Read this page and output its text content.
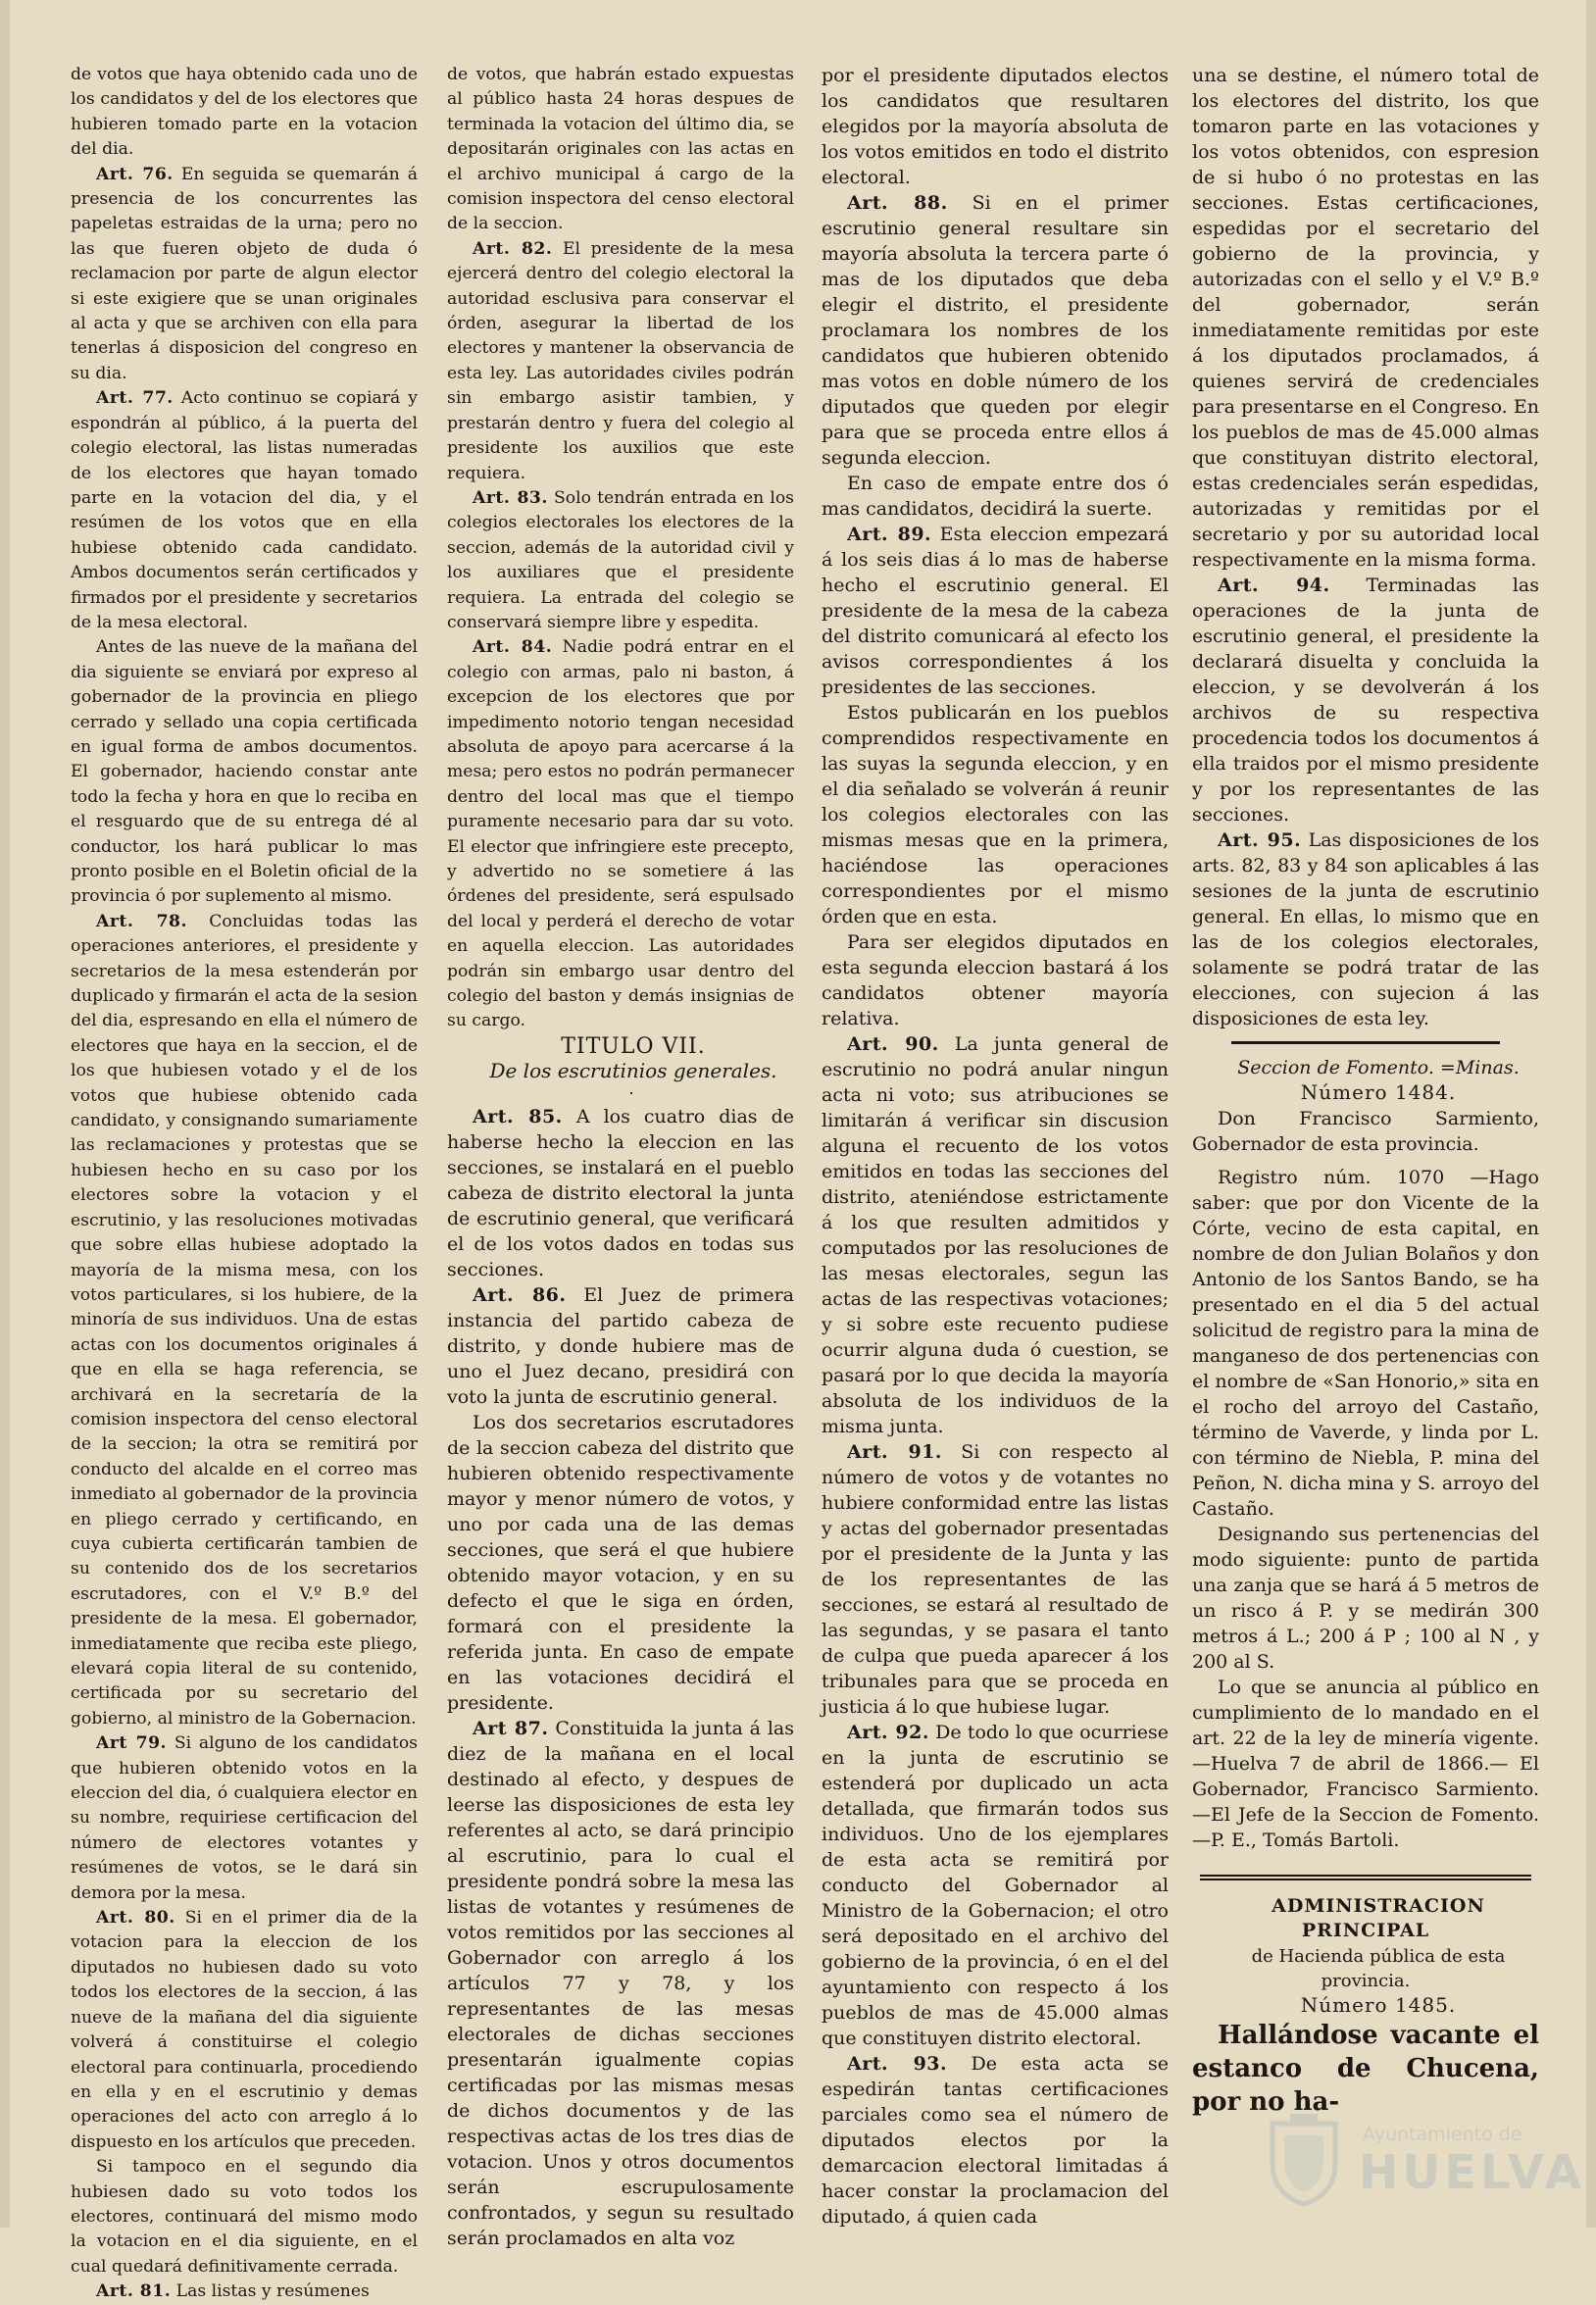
de votos que haya obtenido cada uno de los candidatos y del de los electores que hubieren tomado parte en la votacion del dia.

Art. 76. En seguida se quemarán á presencia de los concurrentes las papeletas estraidas de la urna; pero no las que fueren objeto de duda ó reclamacion por parte de algun elector si este exigiere que se unan originales al acta y que se archiven con ella para tenerlas á disposicion del congreso en su dia.

Art. 77. Acto continuo se copiará y espondrán al público, á la puerta del colegio electoral, las listas numeradas de los electores que hayan tomado parte en la votacion del dia, y el resúmen de los votos que en ella hubiese obtenido cada candidato. Ambos documentos serán certificados y firmados por el presidente y secretarios de la mesa electoral.

Antes de las nueve de la mañana del dia siguiente se enviará por expreso al gobernador de la provincia en pliego cerrado y sellado una copia certificada en igual forma de ambos documentos. El gobernador, haciendo constar ante todo la fecha y hora en que lo reciba en el resguardo que de su entrega dé al conductor, los hará publicar lo mas pronto posible en el Boletin oficial de la provincia ó por suplemento al mismo.

Art. 78. Concluidas todas las operaciones anteriores, el presidente y secretarios de la mesa estenderán por duplicado y firmarán el acta de la sesion del dia, espresando en ella el número de electores que haya en la seccion, el de los que hubiesen votado y el de los votos que hubiese obtenido cada candidato, y consignando sumariamente las reclamaciones y protestas que se hubiesen hecho en su caso por los electores sobre la votacion y el escrutinio, y las resoluciones motivadas que sobre ellas hubiese adoptado la mayoría de la misma mesa, con los votos particulares, si los hubiere, de la minoría de sus individuos. Una de estas actas con los documentos originales á que en ella se haga referencia, se archivará en la secretaría de la comision inspectora del censo electoral de la seccion; la otra se remitirá por conducto del alcalde en el correo mas inmediato al gobernador de la provincia en pliego cerrado y certificando, en cuya cubierta certificarán tambien de su contenido dos de los secretarios escrutadores, con el V.º B.º del presidente de la mesa. El gobernador, inmediatamente que reciba este pliego, elevará copia literal de su contenido, certificada por su secretario del gobierno, al ministro de la Gobernacion.

Art 79. Si alguno de los candidatos que hubieren obtenido votos en la eleccion del dia, ó cualquiera elector en su nombre, requiriese certificacion del número de electores votantes y resúmenes de votos, se le dará sin demora por la mesa.

Art. 80. Si en el primer dia de la votacion para la eleccion de los diputados no hubiesen dado su voto todos los electores de la seccion, á las nueve de la mañana del dia siguiente volverá á constituirse el colegio electoral para continuarla, procediendo en ella y en el escrutinio y demas operaciones del acto con arreglo á lo dispuesto en los artículos que preceden.

Si tampoco en el segundo dia hubiesen dado su voto todos los electores, continuará del mismo modo la votacion en el dia siguiente, en el cual quedará definitivamente cerrada.

Art. 81. Las listas y resúmenes

de votos, que habrán estado expuestas al público hasta 24 horas despues de terminada la votacion del último dia, se depositarán originales con las actas en el archivo municipal á cargo de la comision inspectora del censo electoral de la seccion.

Art. 82. El presidente de la mesa ejercerá dentro del colegio electoral la autoridad esclusiva para conservar el órden, asegurar la libertad de los electores y mantener la observancia de esta ley. Las autoridades civiles podrán sin embargo asistir tambien, y prestarán dentro y fuera del colegio al presidente los auxilios que este requiera.

Art. 83. Solo tendrán entrada en los colegios electorales los electores de la seccion, además de la autoridad civil y los auxiliares que el presidente requiera. La entrada del colegio se conservará siempre libre y espedita.

Art. 84. Nadie podrá entrar en el colegio con armas, palo ni baston, á excepcion de los electores que por impedimento notorio tengan necesidad absoluta de apoyo para acercarse á la mesa; pero estos no podrán permanecer dentro del local mas que el tiempo puramente necesario para dar su voto. El elector que infringiere este precepto, y advertido no se sometiere á las órdenes del presidente, será espulsado del local y perderá el derecho de votar en aquella eleccion. Las autoridades podrán sin embargo usar dentro del colegio del baston y demás insignias de su cargo.

TITULO VII.

De los escrutinios generales.

·

Art. 85. A los cuatro dias de haberse hecho la eleccion en las secciones, se instalará en el pueblo cabeza de distrito electoral la junta de escrutinio general, que verificará el de los votos dados en todas sus secciones.

Art. 86. El Juez de primera instancia del partido cabeza de distrito, y donde hubiere mas de uno el Juez decano, presidirá con voto la junta de escrutinio general.

Los dos secretarios escrutadores de la seccion cabeza del distrito que hubieren obtenido respectivamente mayor y menor número de votos, y uno por cada una de las demas secciones, que será el que hubiere obtenido mayor votacion, y en su defecto el que le siga en órden, formará con el presidente la referida junta. En caso de empate en las votaciones decidirá el presidente.

Art 87. Constituida la junta á las diez de la mañana en el local destinado al efecto, y despues de leerse las disposiciones de esta ley referentes al acto, se dará principio al escrutinio, para lo cual el presidente pondrá sobre la mesa las listas de votantes y resúmenes de votos remitidos por las secciones al Gobernador con arreglo á los artículos 77 y 78, y los representantes de las mesas electorales de dichas secciones presentarán igualmente copias certificadas por las mismas mesas de dichos documentos y de las respectivas actas de los tres dias de votacion. Unos y otros documentos serán escrupulosamente confrontados, y segun su resultado serán proclamados en alta voz

por el presidente diputados electos los candidatos que resultaren elegidos por la mayoría absoluta de los votos emitidos en todo el distrito electoral.

Art. 88. Si en el primer escrutinio general resultare sin mayoría absoluta la tercera parte ó mas de los diputados que deba elegir el distrito, el presidente proclamara los nombres de los candidatos que hubieren obtenido mas votos en doble número de los diputados que queden por elegir para que se proceda entre ellos á segunda eleccion.

En caso de empate entre dos ó mas candidatos, decidirá la suerte.

Art. 89. Esta eleccion empezará á los seis dias á lo mas de haberse hecho el escrutinio general. El presidente de la mesa de la cabeza del distrito comunicará al efecto los avisos correspondientes á los presidentes de las secciones.

Estos publicarán en los pueblos comprendidos respectivamente en las suyas la segunda eleccion, y en el dia señalado se volverán á reunir los colegios electorales con las mismas mesas que en la primera, haciéndose las operaciones correspondientes por el mismo órden que en esta.

Para ser elegidos diputados en esta segunda eleccion bastará á los candidatos obtener mayoría relativa.

Art. 90. La junta general de escrutinio no podrá anular ningun acta ni voto; sus atribuciones se limitarán á verificar sin discusion alguna el recuento de los votos emitidos en todas las secciones del distrito, ateniéndose estrictamente á los que resulten admitidos y computados por las resoluciones de las mesas electorales, segun las actas de las respectivas votaciones; y si sobre este recuento pudiese ocurrir alguna duda ó cuestion, se pasará por lo que decida la mayoría absoluta de los individuos de la misma junta.

Art. 91. Si con respecto al número de votos y de votantes no hubiere conformidad entre las listas y actas del gobernador presentadas por el presidente de la Junta y las de los representantes de las secciones, se estará al resultado de las segundas, y se pasara el tanto de culpa que pueda aparecer á los tribunales para que se proceda en justicia á lo que hubiese lugar.

Art. 92. De todo lo que ocurriese en la junta de escrutinio se estenderá por duplicado un acta detallada, que firmarán todos sus individuos. Uno de los ejemplares de esta acta se remitirá por conducto del Gobernador al Ministro de la Gobernacion; el otro será depositado en el archivo del gobierno de la provincia, ó en el del ayuntamiento con respecto á los pueblos de mas de 45.000 almas que constituyen distrito electoral.

Art. 93. De esta acta se espedirán tantas certificaciones parciales como sea el número de diputados electos por la demarcacion electoral limitadas á hacer constar la proclamacion del diputado, á quien cada

una se destine, el número total de los electores del distrito, los que tomaron parte en las votaciones y los votos obtenidos, con espresion de si hubo ó no protestas en las secciones. Estas certificaciones, espedidas por el secretario del gobierno de la provincia, y autorizadas con el sello y el V.º B.º del gobernador, serán inmediatamente remitidas por este á los diputados proclamados, á quienes servirá de credenciales para presentarse en el Congreso. En los pueblos de mas de 45.000 almas que constituyan distrito electoral, estas credenciales serán espedidas, autorizadas y remitidas por el secretario y por su autoridad local respectivamente en la misma forma.

Art. 94. Terminadas las operaciones de la junta de escrutinio general, el presidente la declarará disuelta y concluida la eleccion, y se devolverán á los archivos de su respectiva procedencia todos los documentos á ella traidos por el mismo presidente y por los representantes de las secciones.

Art. 95. Las disposiciones de los arts. 82, 83 y 84 son aplicables á las sesiones de la junta de escrutinio general. En ellas, lo mismo que en las de los colegios electorales, solamente se podrá tratar de las elecciones, con sujecion á las disposiciones de esta ley.

Seccion de Fomento. =Minas.

Número 1484.

Don Francisco Sarmiento, Gobernador de esta provincia.

Registro núm. 1070 —Hago saber: que por don Vicente de la Córte, vecino de esta capital, en nombre de don Julian Bolaños y don Antonio de los Santos Bando, se ha presentado en el dia 5 del actual solicitud de registro para la mina de manganeso de dos pertenencias con el nombre de «San Honorio,» sita en el rocho del arroyo del Castaño, término de Vaverde, y linda por L. con término de Niebla, P. mina del Peñon, N. dicha mina y S. arroyo del Castaño.

Designando sus pertenencias del modo siguiente: punto de partida una zanja que se hará á 5 metros de un risco á P. y se medirán 300 metros á L.; 200 á P ; 100 al N , y 200 al S.

Lo que se anuncia al público en cumplimiento de lo mandado en el art. 22 de la ley de minería vigente. —Huelva 7 de abril de 1866.— El Gobernador, Francisco Sarmiento. —El Jefe de la Seccion de Fomento. —P. E., Tomás Bartoli.

ADMINISTRACION PRINCIPAL

de Hacienda pública de esta provincia.

Número 1485.

Hallándose vacante el estanco de Chucena, por no ha-

Ayuntamiento de
HUELVA
